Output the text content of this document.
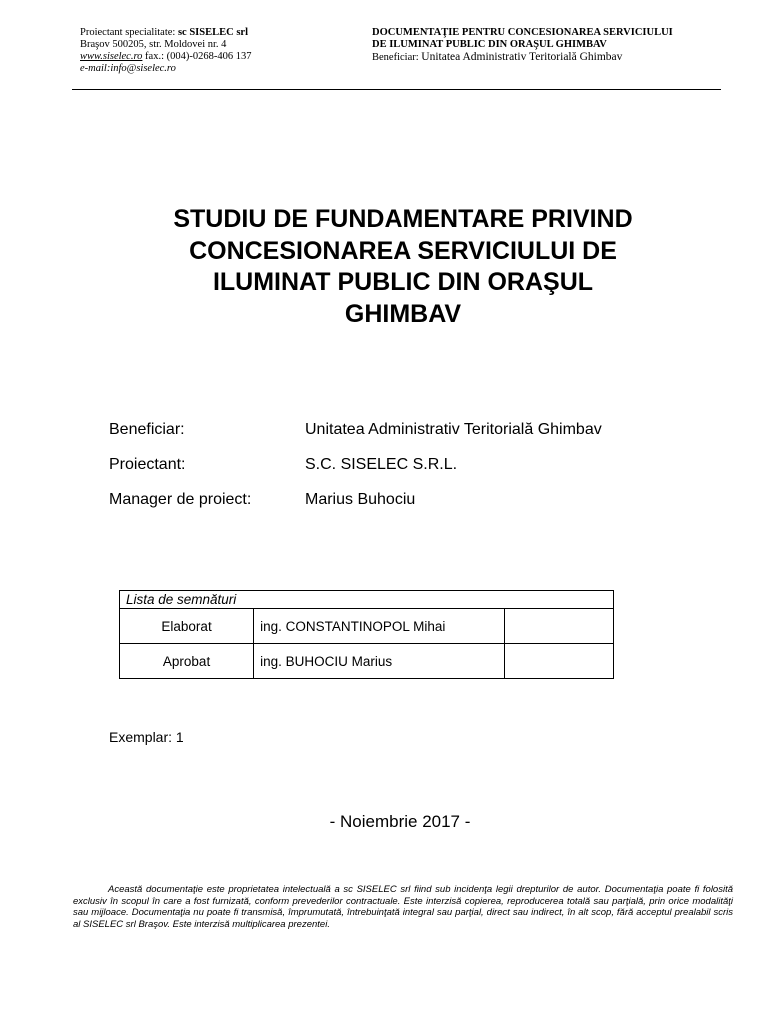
Proiectant specialitate: sc SISELEC srl
Braşov 500205, str. Moldovei nr. 4
www.siselec.ro fax.: (004)-0268-406 137
e-mail:info@siselec.ro
DOCUMENTAŢIE PENTRU CONCESIONAREA SERVICIULUI
DE ILUMINAT PUBLIC DIN ORAŞUL GHIMBAV
Beneficiar: Unitatea Administrativ Teritorială Ghimbav
STUDIU DE FUNDAMENTARE PRIVIND
CONCESIONAREA SERVICIULUI DE
ILUMINAT PUBLIC DIN ORAŞUL
GHIMBAV
Beneficiar:	Unitatea Administrativ Teritorială Ghimbav
Proiectant:	S.C. SISELEC S.R.L.
Manager de proiect:	Marius Buhociu
Lista de semnături		
Elaborat	ing. CONSTANTINOPOL Mihai	
Aprobat	ing. BUHOCIU Marius	
Exemplar: 1
- Noiembrie 2017 -
Această documentaţie este proprietatea intelectuală a sc SISELEC srl fiind sub incidenţa legii drepturilor de autor. Documentaţia poate fi folosită exclusiv în scopul în care a fost furnizată, conform prevederilor contractuale. Este interzisă copierea, reproducerea totală sau parţială, prin orice modalităţi sau mijloace. Documentaţia nu poate fi transmisă, împrumutată, întrebuinţată integral sau parţial, direct sau indirect, în alt scop, fără acceptul prealabil scris al SISELEC srl Braşov. Este interzisă multiplicarea prezentei.
